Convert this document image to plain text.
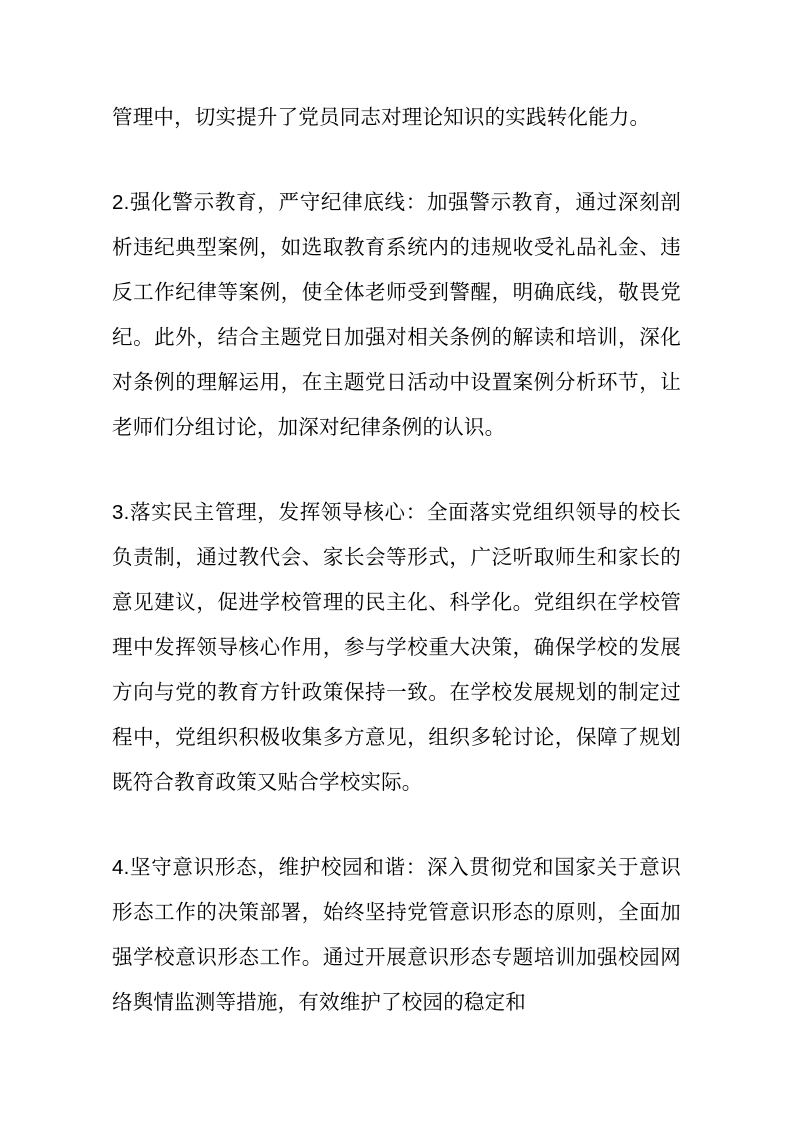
管理中，切实提升了党员同志对理论知识的实践转化能力。

2.强化警示教育，严守纪律底线：加强警示教育，通过深刻剖析违纪典型案例，如选取教育系统内的违规收受礼品礼金、违反工作纪律等案例，使全体老师受到警醒，明确底线，敬畏党纪。此外，结合主题党日加强对相关条例的解读和培训，深化对条例的理解运用，在主题党日活动中设置案例分析环节，让老师们分组讨论，加深对纪律条例的认识。

3.落实民主管理，发挥领导核心：全面落实党组织领导的校长负责制，通过教代会、家长会等形式，广泛听取师生和家长的意见建议，促进学校管理的民主化、科学化。党组织在学校管理中发挥领导核心作用，参与学校重大决策，确保学校的发展方向与党的教育方针政策保持一致。在学校发展规划的制定过程中，党组织积极收集多方意见，组织多轮讨论，保障了规划既符合教育政策又贴合学校实际。

4.坚守意识形态，维护校园和谐：深入贯彻党和国家关于意识形态工作的决策部署，始终坚持党管意识形态的原则，全面加强学校意识形态工作。通过开展意识形态专题培训加强校园网络舆情监测等措施，有效维护了校园的稳定和
